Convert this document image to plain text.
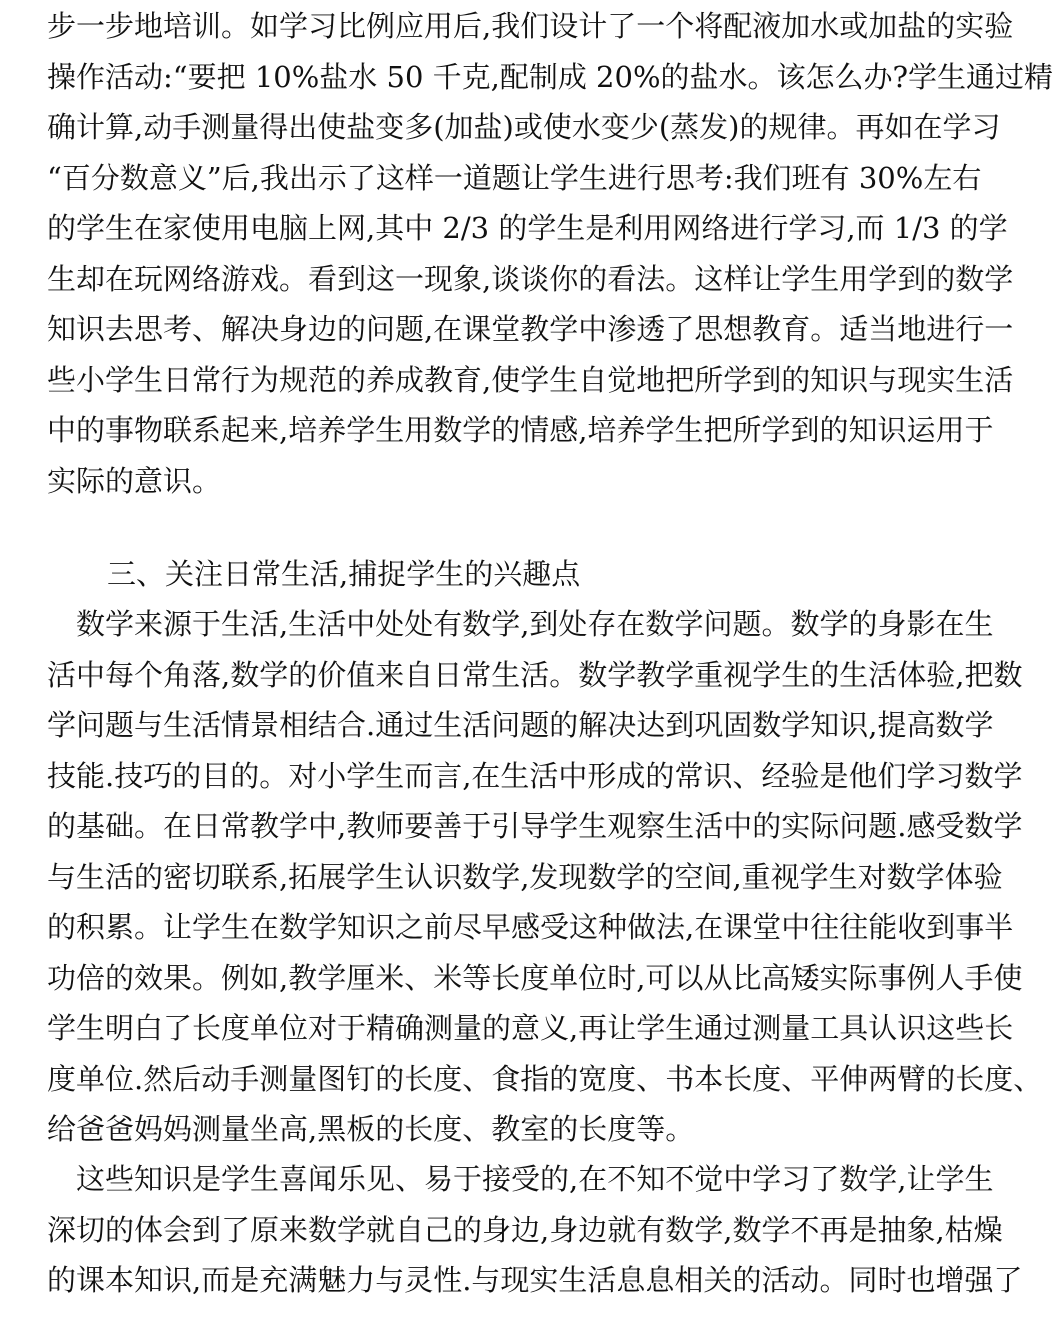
步一步地培训。如学习比例应用后,我们设计了一个将配液加水或加盐的实验
操作活动:“要把 10%盐水 50 千克,配制成 20%的盐水。该怎么办?学生通过精
确计算,动手测量得出使盐变多(加盐)或使水变少(蒸发)的规律。再如在学习
“百分数意义”后,我出示了这样一道题让学生进行思考:我们班有 30%左右
的学生在家使用电脑上网,其中 2/3 的学生是利用网络进行学习,而 1/3 的学
生却在玩网络游戏。看到这一现象,谈谈你的看法。这样让学生用学到的数学
知识去思考、解决身边的问题,在课堂教学中渗透了思想教育。适当地进行一
些小学生日常行为规范的养成教育,使学生自觉地把所学到的知识与现实生活
中的事物联系起来,培养学生用数学的情感,培养学生把所学到的知识运用于
实际的意识。
三、关注日常生活,捕捉学生的兴趣点
　数学来源于生活,生活中处处有数学,到处存在数学问题。数学的身影在生
活中每个角落,数学的价值来自日常生活。数学教学重视学生的生活体验,把数
学问题与生活情景相结合.通过生活问题的解决达到巩固数学知识,提高数学
技能.技巧的目的。对小学生而言,在生活中形成的常识、经验是他们学习数学
的基础。在日常教学中,教师要善于引导学生观察生活中的实际问题.感受数学
与生活的密切联系,拓展学生认识数学,发现数学的空间,重视学生对数学体验
的积累。让学生在数学知识之前尽早感受这种做法,在课堂中往往能收到事半
功倍的效果。例如,教学厘米、米等长度单位时,可以从比高矮实际事例人手使
学生明白了长度单位对于精确测量的意义,再让学生通过测量工具认识这些长
度单位.然后动手测量图钉的长度、食指的宽度、书本长度、平伸两臂的长度、
给爸爸妈妈测量坐高,黑板的长度、教室的长度等。
　这些知识是学生喜闻乐见、易于接受的,在不知不觉中学习了数学,让学生
深切的体会到了原来数学就自己的身边,身边就有数学,数学不再是抽象,枯燥
的课本知识,而是充满魅力与灵性.与现实生活息息相关的活动。同时也增强了
